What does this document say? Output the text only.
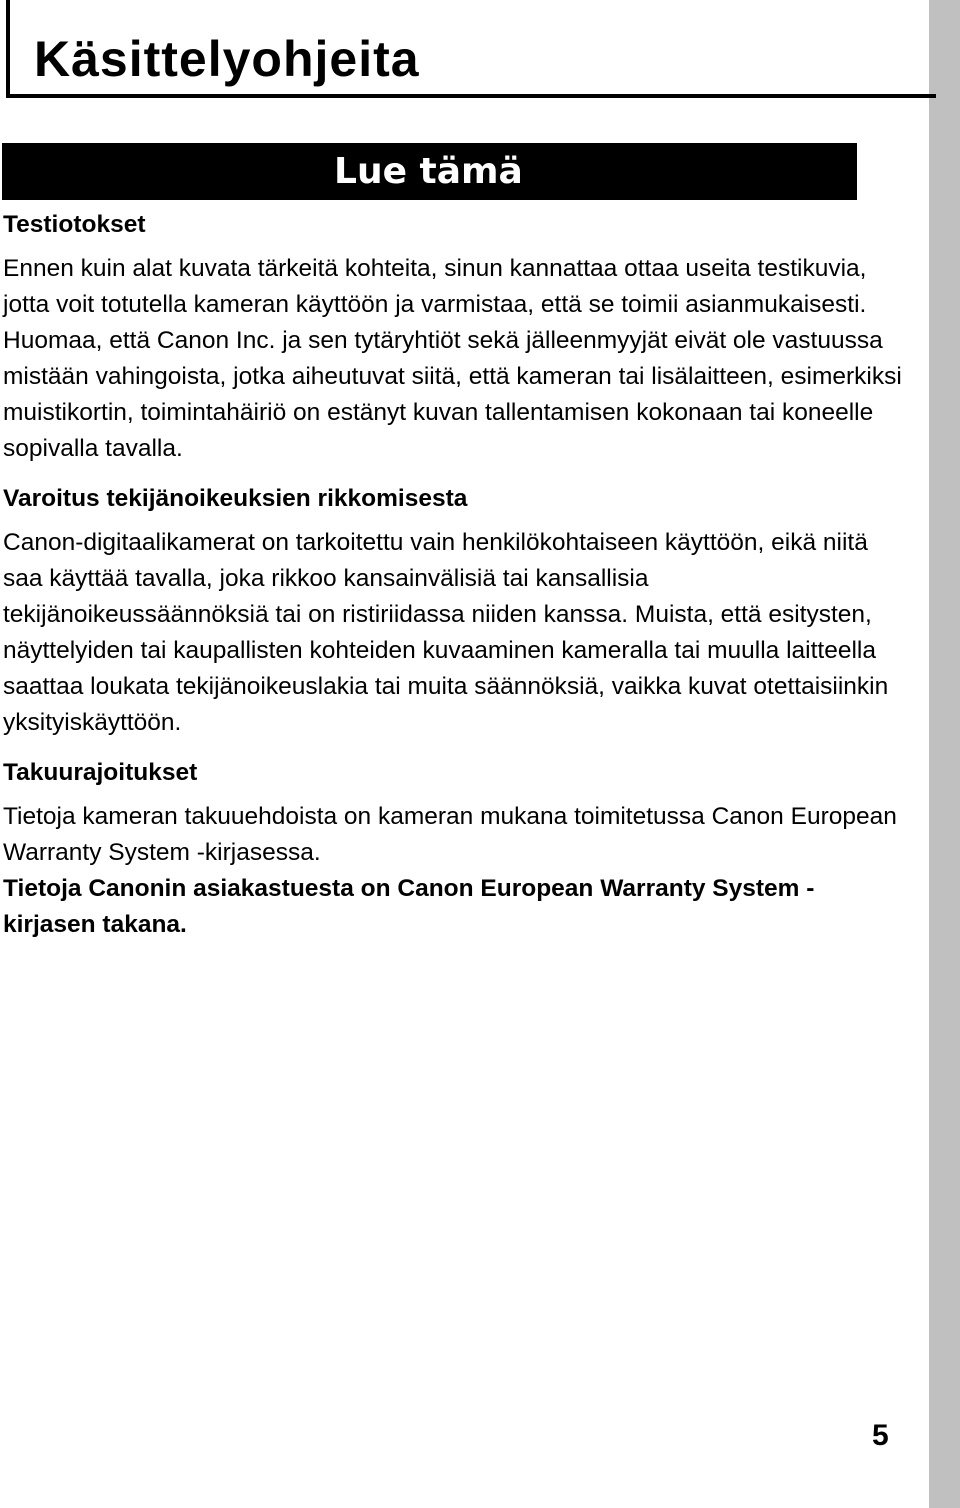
Käsittelyohjeita
Lue tämä
Testiotokset

Ennen kuin alat kuvata tärkeitä kohteita, sinun kannattaa ottaa useita testikuvia, jotta voit totutella kameran käyttöön ja varmistaa, että se toimii asianmukaisesti.

Huomaa, että Canon Inc. ja sen tytäryhtiöt sekä jälleenmyyjät eivät ole vastuussa mistään vahingoista, jotka aiheutuvat siitä, että kameran tai lisälaitteen, esimerkiksi muistikortin, toimintahäiriö on estänyt kuvan tallentamisen kokonaan tai koneelle sopivalla tavalla.

Varoitus tekijänoikeuksien rikkomisesta

Canon-digitaalikamerat on tarkoitettu vain henkilökohtaiseen käyttöön, eikä niitä saa käyttää tavalla, joka rikkoo kansainvälisiä tai kansallisia tekijänoikeussäännöksiä tai on ristiriidassa niiden kanssa. Muista, että esitysten, näyttelyiden tai kaupallisten kohteiden kuvaaminen kameralla tai muulla laitteella saattaa loukata tekijänoikeuslakia tai muita säännöksiä, vaikka kuvat otettaisiinkin yksityiskäyttöön.

Takuurajoitukset

Tietoja kameran takuuehdoista on kameran mukana toimitetussa Canon European Warranty System -kirjasessa.

Tietoja Canonin asiakastuesta on Canon European Warranty System -kirjasen takana.

5
